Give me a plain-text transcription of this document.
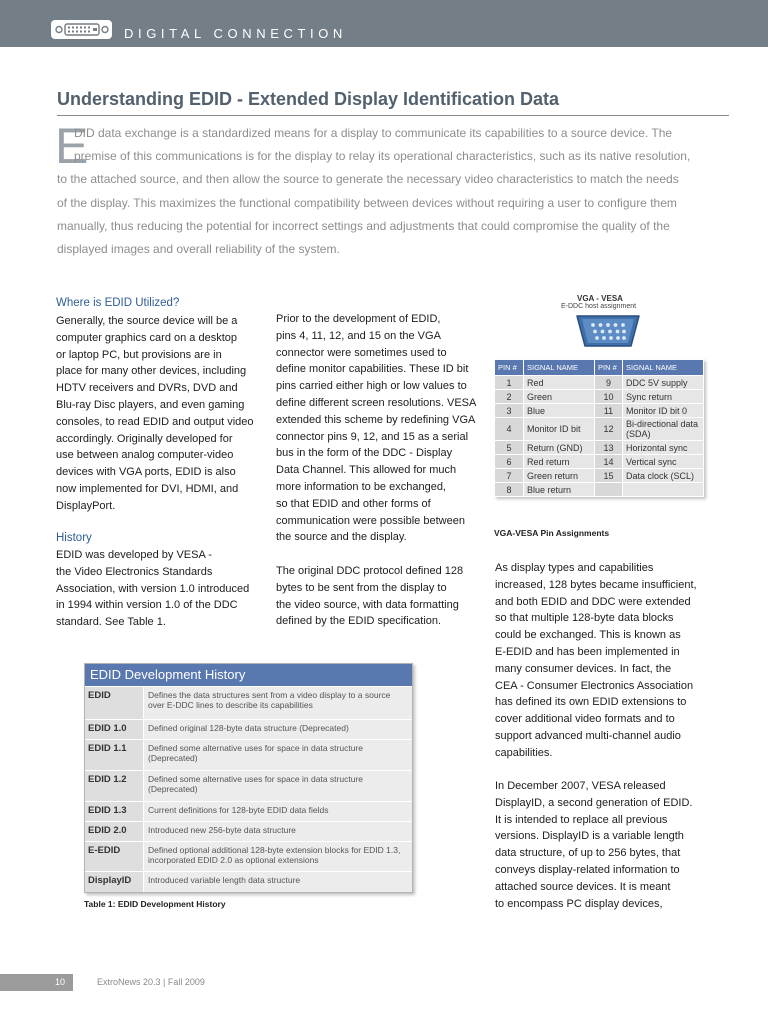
DIGITAL CONNECTION
Understanding EDID - Extended Display Identification Data
E
DID data exchange is a standardized means for a display to communicate its capabilities to a source device. The
premise of this communications is for the display to relay its operational characteristics, such as its native resolution,
to the attached source, and then allow the source to generate the necessary video characteristics to match the needs
of the display. This maximizes the functional compatibility between devices without requiring a user to configure them
manually, thus reducing the potential for incorrect settings and adjustments that could compromise the quality of the
displayed images and overall reliability of the system.
Where is EDID Utilized?
Generally, the source device will be a
computer graphics card on a desktop
or laptop PC, but provisions are in
place for many other devices, including
HDTV receivers and DVRs, DVD and
Blu-ray Disc players, and even gaming
consoles, to read EDID and output video
accordingly. Originally developed for
use between analog computer-video
devices with VGA ports, EDID is also
now implemented for DVI, HDMI, and
DisplayPort.
History
EDID was developed by VESA -
the Video Electronics Standards
Association, with version 1.0 introduced
in 1994 within version 1.0 of the DDC
standard. See Table 1.
Prior to the development of EDID,
pins 4, 11, 12, and 15 on the VGA
connector were sometimes used to
define monitor capabilities. These ID bit
pins carried either high or low values to
define different screen resolutions. VESA
extended this scheme by redefining VGA
connector pins 9, 12, and 15 as a serial
bus in the form of the DDC - Display
Data Channel. This allowed for much
more information to be exchanged,
so that EDID and other forms of
communication were possible between
the source and the display.
The original DDC protocol defined 128
bytes to be sent from the display to
the video source, with data formatting
defined by the EDID specification.
EDID Development History
EDID	Defines the data structures sent from a video display to a source over E-DDC lines to describe its capabilities
EDID 1.0	Defined original 128-byte data structure (Deprecated)
EDID 1.1	Defined some alternative uses for space in data structure (Deprecated)
EDID 1.2	Defined some alternative uses for space in data structure (Deprecated)
EDID 1.3	Current definitions for 128-byte EDID data fields
EDID 2.0	Introduced new 256-byte data structure
E-EDID	Defined optional additional 128-byte extension blocks for EDID 1.3, incorporated EDID 2.0 as optional extensions
DisplayID	Introduced variable length data structure
Table 1: EDID Development History
VGA - VESA
E-DDC host assignment
PIN #	SIGNAL NAME	PIN #	SIGNAL NAME
1	Red	9	DDC 5V supply
2	Green	10	Sync return
3	Blue	11	Monitor ID bit 0
4	Monitor ID bit	12	Bi-directional data (SDA)
5	Return (GND)	13	Horizontal sync
6	Red return	14	Vertical sync
7	Green return	15	Data clock (SCL)
8	Blue return		
VGA-VESA Pin Assignments
As display types and capabilities
increased, 128 bytes became insufficient,
and both EDID and DDC were extended
so that multiple 128-byte data blocks
could be exchanged. This is known as
E-EDID and has been implemented in
many consumer devices. In fact, the
CEA - Consumer Electronics Association
has defined its own EDID extensions to
cover additional video formats and to
support advanced multi-channel audio
capabilities.
In December 2007, VESA released
DisplayID, a second generation of EDID.
It is intended to replace all previous
versions. DisplayID is a variable length
data structure, of up to 256 bytes, that
conveys display-related information to
attached source devices. It is meant
to encompass PC display devices,
10	ExtroNews 20.3 | Fall 2009
